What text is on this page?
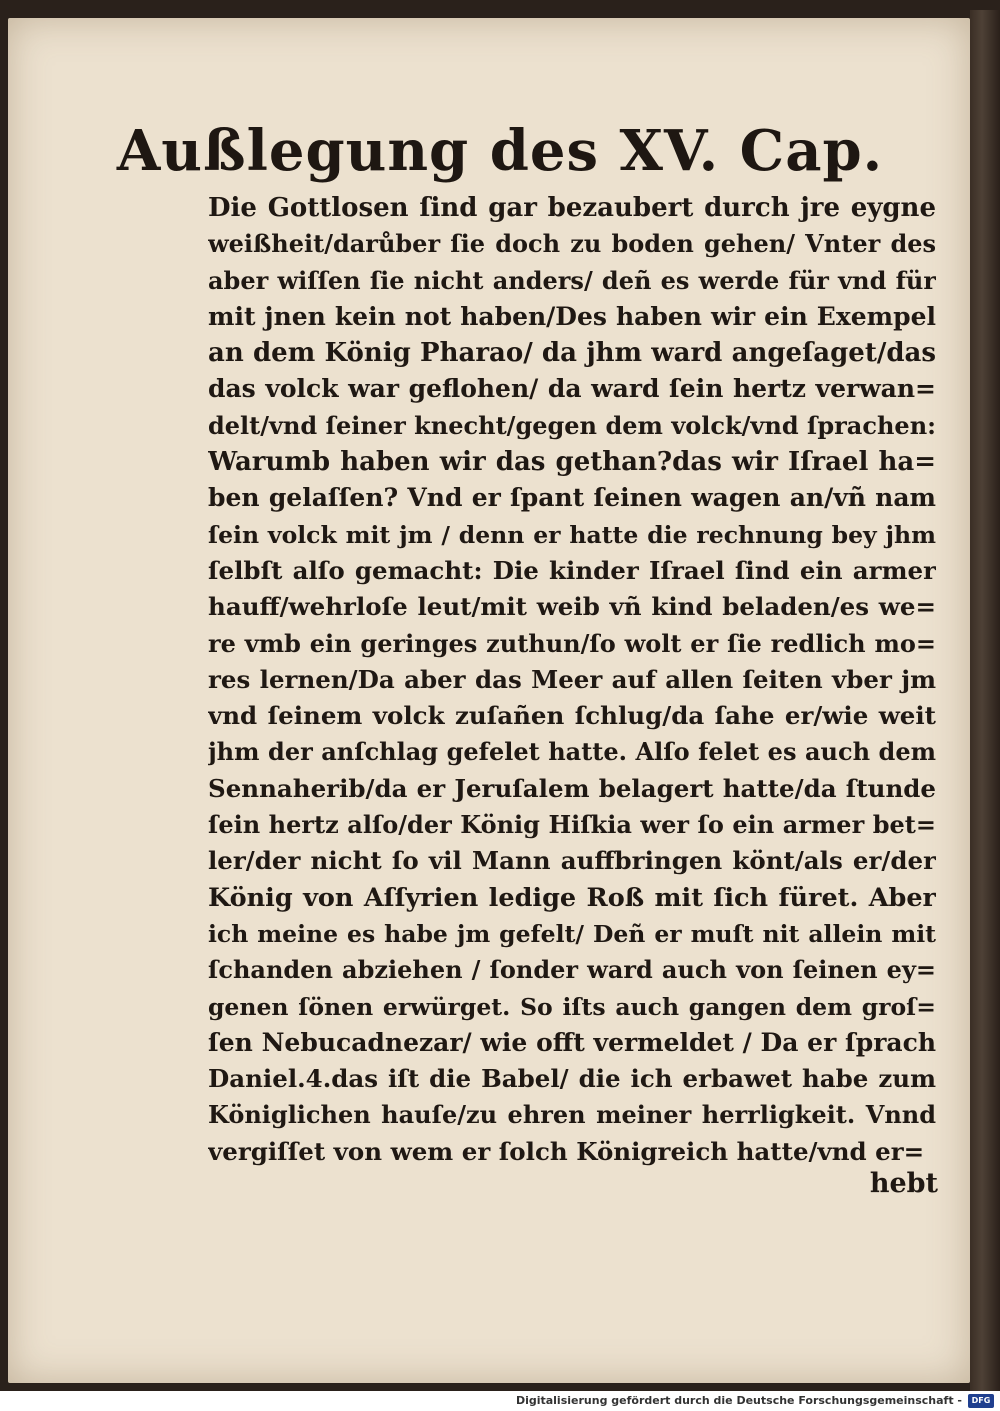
Außlegung des XV. Cap.
Die Gottlosen ſind gar bezaubert durch jre eygne
weißheit/darůber ſie doch zu boden gehen/ Vnter des
aber wiſſen ſie nicht anders/ deñ es werde für vnd für
mit jnen kein not haben/Des haben wir ein Exempel
an dem König Pharao/ da jhm ward angeſaget/das
das volck war geflohen/ da ward ſein hertz verwan=
delt/vnd ſeiner knecht/gegen dem volck/vnd ſprachen:
Warumb haben wir das gethan?das wir Iſrael ha=
ben gelaſſen? Vnd er ſpant ſeinen wagen an/vñ nam
ſein volck mit jm / denn er hatte die rechnung bey jhm
ſelbſt alſo gemacht: Die kinder Iſrael ſind ein armer
hauff/wehrloſe leut/mit weib vñ kind beladen/es we=
re vmb ein geringes zuthun/ſo wolt er ſie redlich mo=
res lernen/Da aber das Meer auf allen ſeiten vber jm
vnd ſeinem volck zuſañen ſchlug/da ſahe er/wie weit
jhm der anſchlag gefelet hatte. Alſo felet es auch dem
Sennaherib/da er Jeruſalem belagert hatte/da ſtunde
ſein hertz alſo/der König Hiſkia wer ſo ein armer bet=
ler/der nicht ſo vil Mann auffbringen könt/als er/der
König von Aſſyrien ledige Roß mit ſich füret. Aber
ich meine es habe jm gefelt/ Deñ er muſt nit allein mit
ſchanden abziehen / ſonder ward auch von ſeinen ey=
genen ſönen erwürget. So iſts auch gangen dem groſ=
ſen Nebucadnezar/ wie offt vermeldet / Da er ſprach
Daniel.4.das iſt die Babel/ die ich erbawet habe zum
Königlichen hauſe/zu ehren meiner herrligkeit. Vnnd
vergiſſet von wem er ſolch Königreich hatte/vnd er=
hebt
Digitalisierung gefördert durch die Deutsche Forschungsgemeinschaft -	DFG
